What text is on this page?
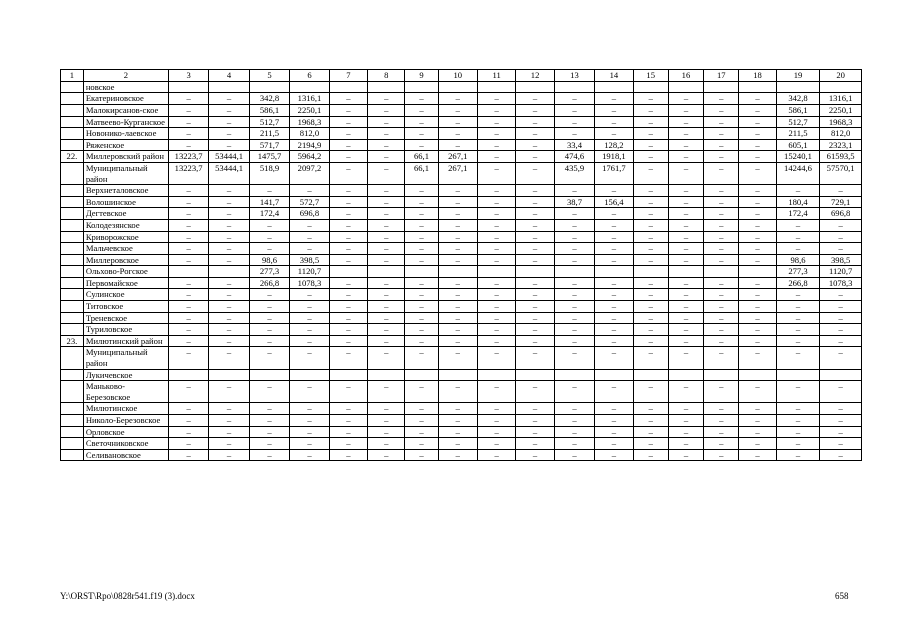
1	2	3	4	5	6	7	8	9	10	11	12	13	14	15	16	17	18	19	20
	новское																		
	Екатериновское	–	–	342,8	1316,1	–	–	–	–	–	–	–	–	–	–	–	–	342,8	1316,1
	Малокирсанов-ское	–	–	586,1	2250,1	–	–	–	–	–	–	–	–	–	–	–	–	586,1	2250,1
	Матвеево-Курганское	–	–	512,7	1968,3	–	–	–	–	–	–	–	–	–	–	–	–	512,7	1968,3
	Новонико-лаевское	–	–	211,5	812,0	–	–	–	–	–	–	–	–	–	–	–	–	211,5	812,0
	Ряженское	–	–	571,7	2194,9	–	–	–	–	–	–	33,4	128,2	–	–	–	–	605,1	2323,1
22.	Миллеровский район	13223,7	53444,1	1475,7	5964,2	–	–	66,1	267,1	–	–	474,6	1918,1	–	–	–	–	15240,1	61593,5
	Муниципальный район	13223,7	53444,1	518,9	2097,2	–	–	66,1	267,1	–	–	435,9	1761,7	–	–	–	–	14244,6	57570,1
	Верхнеталовское	–	–	–	–	–	–	–	–	–	–	–	–	–	–	–	–	–	–
	Волошинское	–	–	141,7	572,7	–	–	–	–	–	–	38,7	156,4	–	–	–	–	180,4	729,1
	Дегтевское	–	–	172,4	696,8	–	–	–	–	–	–	–	–	–	–	–	–	172,4	696,8
	Колодезянское	–	–	–	–	–	–	–	–	–	–	–	–	–	–	–	–	–	–
	Криворожское	–	–	–	–	–	–	–	–	–	–	–	–	–	–	–	–	–	–
	Мальчевское	–	–	–	–	–	–	–	–	–	–	–	–	–	–	–	–	–	–
	Миллеровское	–	–	98,6	398,5	–	–	–	–	–	–	–	–	–	–	–	–	98,6	398,5
	Ольхово-Рогское			277,3	1120,7													277,3	1120,7
	Первомайское	–	–	266,8	1078,3	–	–	–	–	–	–	–	–	–	–	–	–	266,8	1078,3
	Сулинское	–	–	–	–	–	–	–	–	–	–	–	–	–	–	–	–	–	–
	Титовское	–	–	–	–	–	–	–	–	–	–	–	–	–	–	–	–	–	–
	Треневское	–	–	–	–	–	–	–	–	–	–	–	–	–	–	–	–	–	–
	Туриловское	–	–	–	–	–	–	–	–	–	–	–	–	–	–	–	–	–	–
23.	Милютинский район	–	–	–	–	–	–	–	–	–	–	–	–	–	–	–	–	–	–
	Муниципальный район	–	–	–	–	–	–	–	–	–	–	–	–	–	–	–	–	–	–
	Лукичевское																		
	Маньково-Березовское	–	–	–	–	–	–	–	–	–	–	–	–	–	–	–	–	–	–
	Милютинское	–	–	–	–	–	–	–	–	–	–	–	–	–	–	–	–	–	–
	Николо-Березовское	–	–	–	–	–	–	–	–	–	–	–	–	–	–	–	–	–	–
	Орловское	–	–	–	–	–	–	–	–	–	–	–	–	–	–	–	–	–	–
	Светочниковское	–	–	–	–	–	–	–	–	–	–	–	–	–	–	–	–	–	–
	Селивановское	–	–	–	–	–	–	–	–	–	–	–	–	–	–	–	–	–	–
Y:\ORST\Rpo\0828r541.f19 (3).docx	658
